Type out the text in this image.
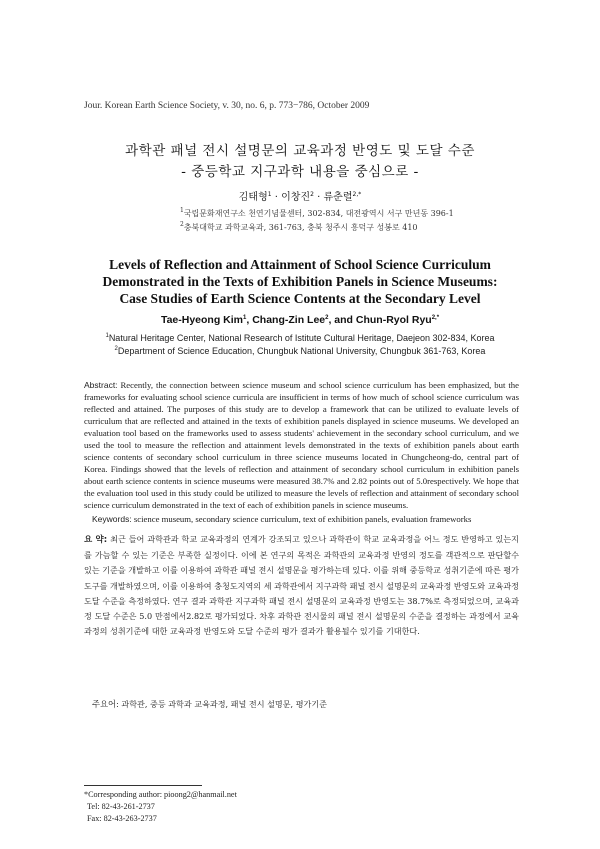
Jour. Korean Earth Science Society, v. 30, no. 6, p. 773−786, October 2009
과학관 패널 전시 설명문의 교육과정 반영도 및 도달 수준
- 중등학교 지구과학 내용을 중심으로 -
김태형$^1$ · 이창진$^2$ · 류춘렬$^{2,*}$
$^1$국립문화재연구소 천연기념물센터, 302-834, 대전광역시 서구 만년동 396-1
$^2$충북대학교 과학교육과, 361-763, 충북 청주시 흥덕구 성봉로 410
Levels of Reflection and Attainment of School Science Curriculum
Demonstrated in the Texts of Exhibition Panels in Science Museums:
Case Studies of Earth Science Contents at the Secondary Level
Tae-Hyeong Kim$^1$, Chang-Zin Lee$^2$, and Chun-Ryol Ryu$^{2,*}$
$^1$Natural Heritage Center, National Research of Istitute Cultural Heritage, Daejeon 302-834, Korea
$^2$Department of Science Education, Chungbuk National University, Chungbuk 361-763, Korea
Abstract: Recently, the connection between science museum and school science curriculum has been emphasized, but the frameworks for evaluating school science curricula are insufficient in terms of how much of school science curriculum was reflected and attained. The purposes of this study are to develop a framework that can be utilized to evaluate levels of curriculum that are reflected and attained in the texts of exhibition panels displayed in science museums. We developed an evaluation tool based on the frameworks used to assess students' achievement in the secondary school curriculum, and we used the tool to measure the reflection and attainment levels demonstrated in the texts of exhibition panels about earth science contents of secondary school curriculum in three science museums located in Chungcheong-do, central part of Korea. Findings showed that the levels of reflection and attainment of secondary school curriculum in exhibition panels about earth science contents in science museums were measured 38.7% and 2.82 points out of 5.0respectively. We hope that the evaluation tool used in this study could be utilized to measure the levels of reflection and attainment of secondary school science curriculum demonstrated in the text of each of exhibition panels in science museums.
Keywords: science museum, secondary science curriculum, text of exhibition panels, evaluation frameworks
요 약: 최근 들어 과학관과 학교 교육과정의 연계가 강조되고 있으나 과학관이 학교 교육과정을 어느 정도 반영하고 있는지를 가늠할 수 있는 기준은 부족한 실정이다. 이에 본 연구의 목적은 과학관의 교육과정 반영의 정도를 객관적으로 판단할수 있는 기준을 개발하고 이를 이용하여 과학관 패널 전시 설명문을 평가하는데 있다. 이를 위해 중등학교 성취기준에 따른 평가 도구를 개발하였으며, 이를 이용하여 충청도지역의 세 과학관에서 지구과학 패널 전시 설명문의 교육과정 반영도와 교육과정 도달 수준을 측정하였다. 연구 결과 과학관 지구과학 패널 전시 설명문의 교육과정 반영도는 38.7%로 측정되었으며, 교육과정 도달 수준은 5.0 만점에서2.82로 평가되었다. 차후 과학관 전시물의 패널 전시 설명문의 수준을 결정하는 과정에서 교육과정의 성취기준에 대한 교육과정 반영도와 도달 수준의 평가 결과가 활용될수 있기를 기대한다.
주요어: 과학관, 중등 과학과 교육과정, 패널 전시 설명문, 평가기준
*Corresponding author: pioong2@hanmail.net
Tel: 82-43-261-2737
Fax: 82-43-263-2737
